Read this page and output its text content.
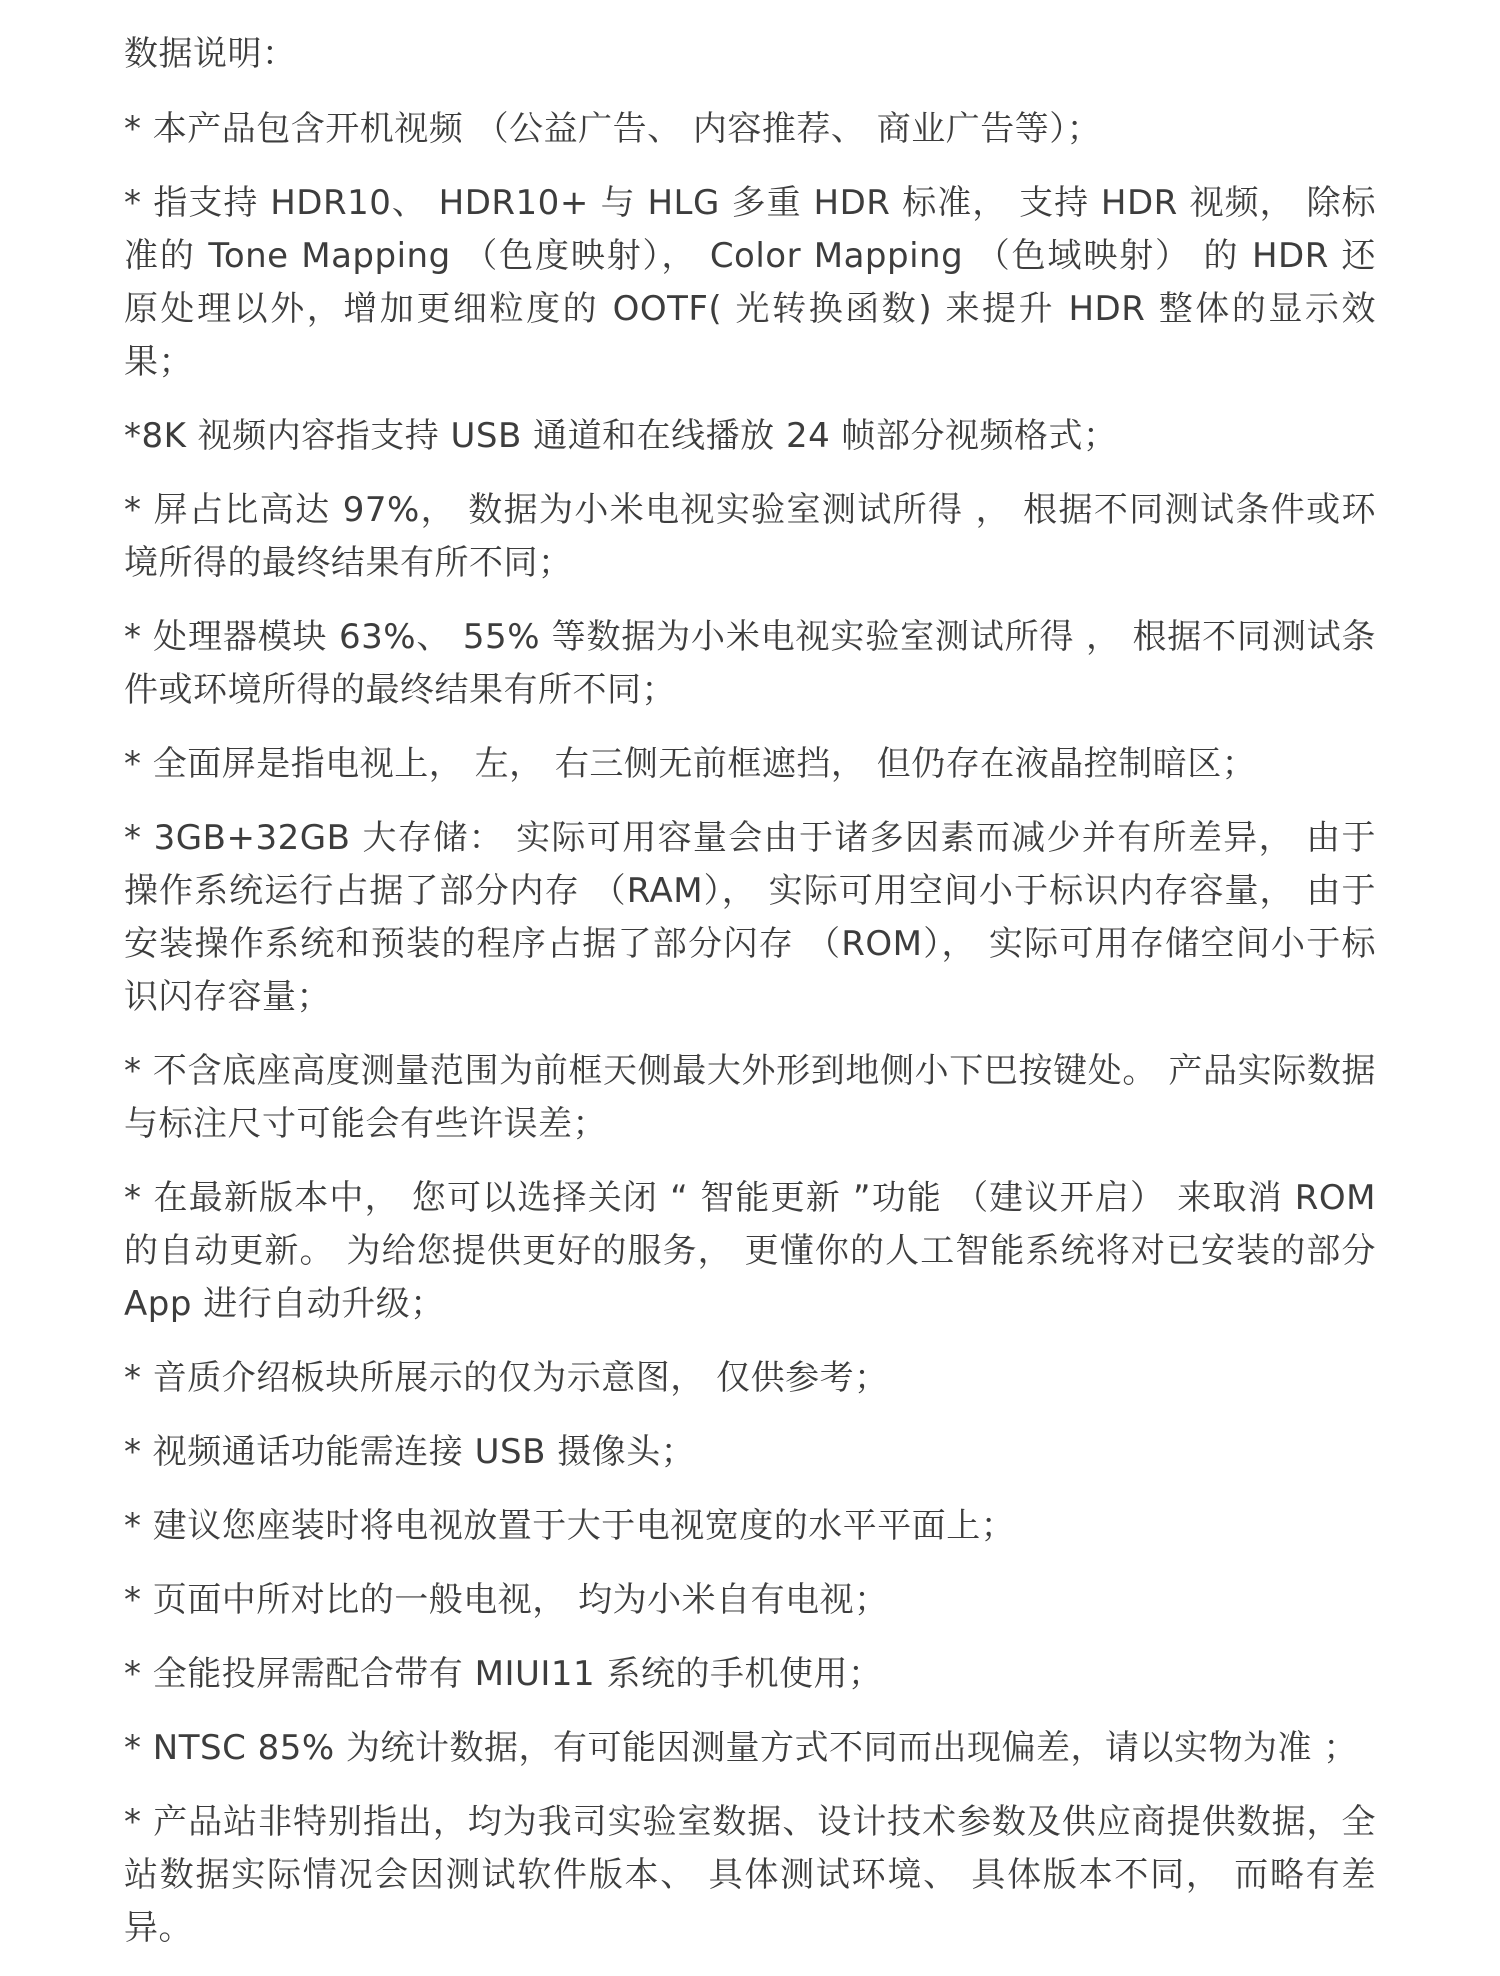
数据说明：
* 本产品包含开机视频 （公益广告、 内容推荐、 商业广告等）；
* 指支持 HDR10、 HDR10+ 与 HLG 多重 HDR 标准， 支持 HDR 视频， 除标准的 Tone Mapping （色度映射）， Color Mapping （色域映射） 的 HDR 还原处理以外，增加更细粒度的 OOTF( 光转换函数) 来提升 HDR 整体的显示效果；
*8K 视频内容指支持 USB 通道和在线播放 24 帧部分视频格式；
* 屏占比高达 97%， 数据为小米电视实验室测试所得 ， 根据不同测试条件或环境所得的最终结果有所不同；
* 处理器模块 63%、 55% 等数据为小米电视实验室测试所得 ， 根据不同测试条件或环境所得的最终结果有所不同；
* 全面屏是指电视上， 左， 右三侧无前框遮挡， 但仍存在液晶控制暗区；
* 3GB+32GB 大存储： 实际可用容量会由于诸多因素而减少并有所差异， 由于操作系统运行占据了部分内存 （RAM）， 实际可用空间小于标识内存容量， 由于安装操作系统和预装的程序占据了部分闪存 （ROM）， 实际可用存储空间小于标识闪存容量；
* 不含底座高度测量范围为前框天侧最大外形到地侧小下巴按键处。 产品实际数据与标注尺寸可能会有些许误差；
* 在最新版本中， 您可以选择关闭 “ 智能更新 ”功能 （建议开启） 来取消 ROM 的自动更新。 为给您提供更好的服务， 更懂你的人工智能系统将对已安装的部分 App 进行自动升级；
* 音质介绍板块所展示的仅为示意图， 仅供参考；
* 视频通话功能需连接 USB 摄像头；
* 建议您座装时将电视放置于大于电视宽度的水平平面上；
* 页面中所对比的一般电视， 均为小米自有电视；
* 全能投屏需配合带有 MIUI11 系统的手机使用；
* NTSC 85% 为统计数据，有可能因测量方式不同而出现偏差，请以实物为准 ；
* 产品站非特别指出，均为我司实验室数据、设计技术参数及供应商提供数据，全站数据实际情况会因测试软件版本、 具体测试环境、 具体版本不同， 而略有差异。
